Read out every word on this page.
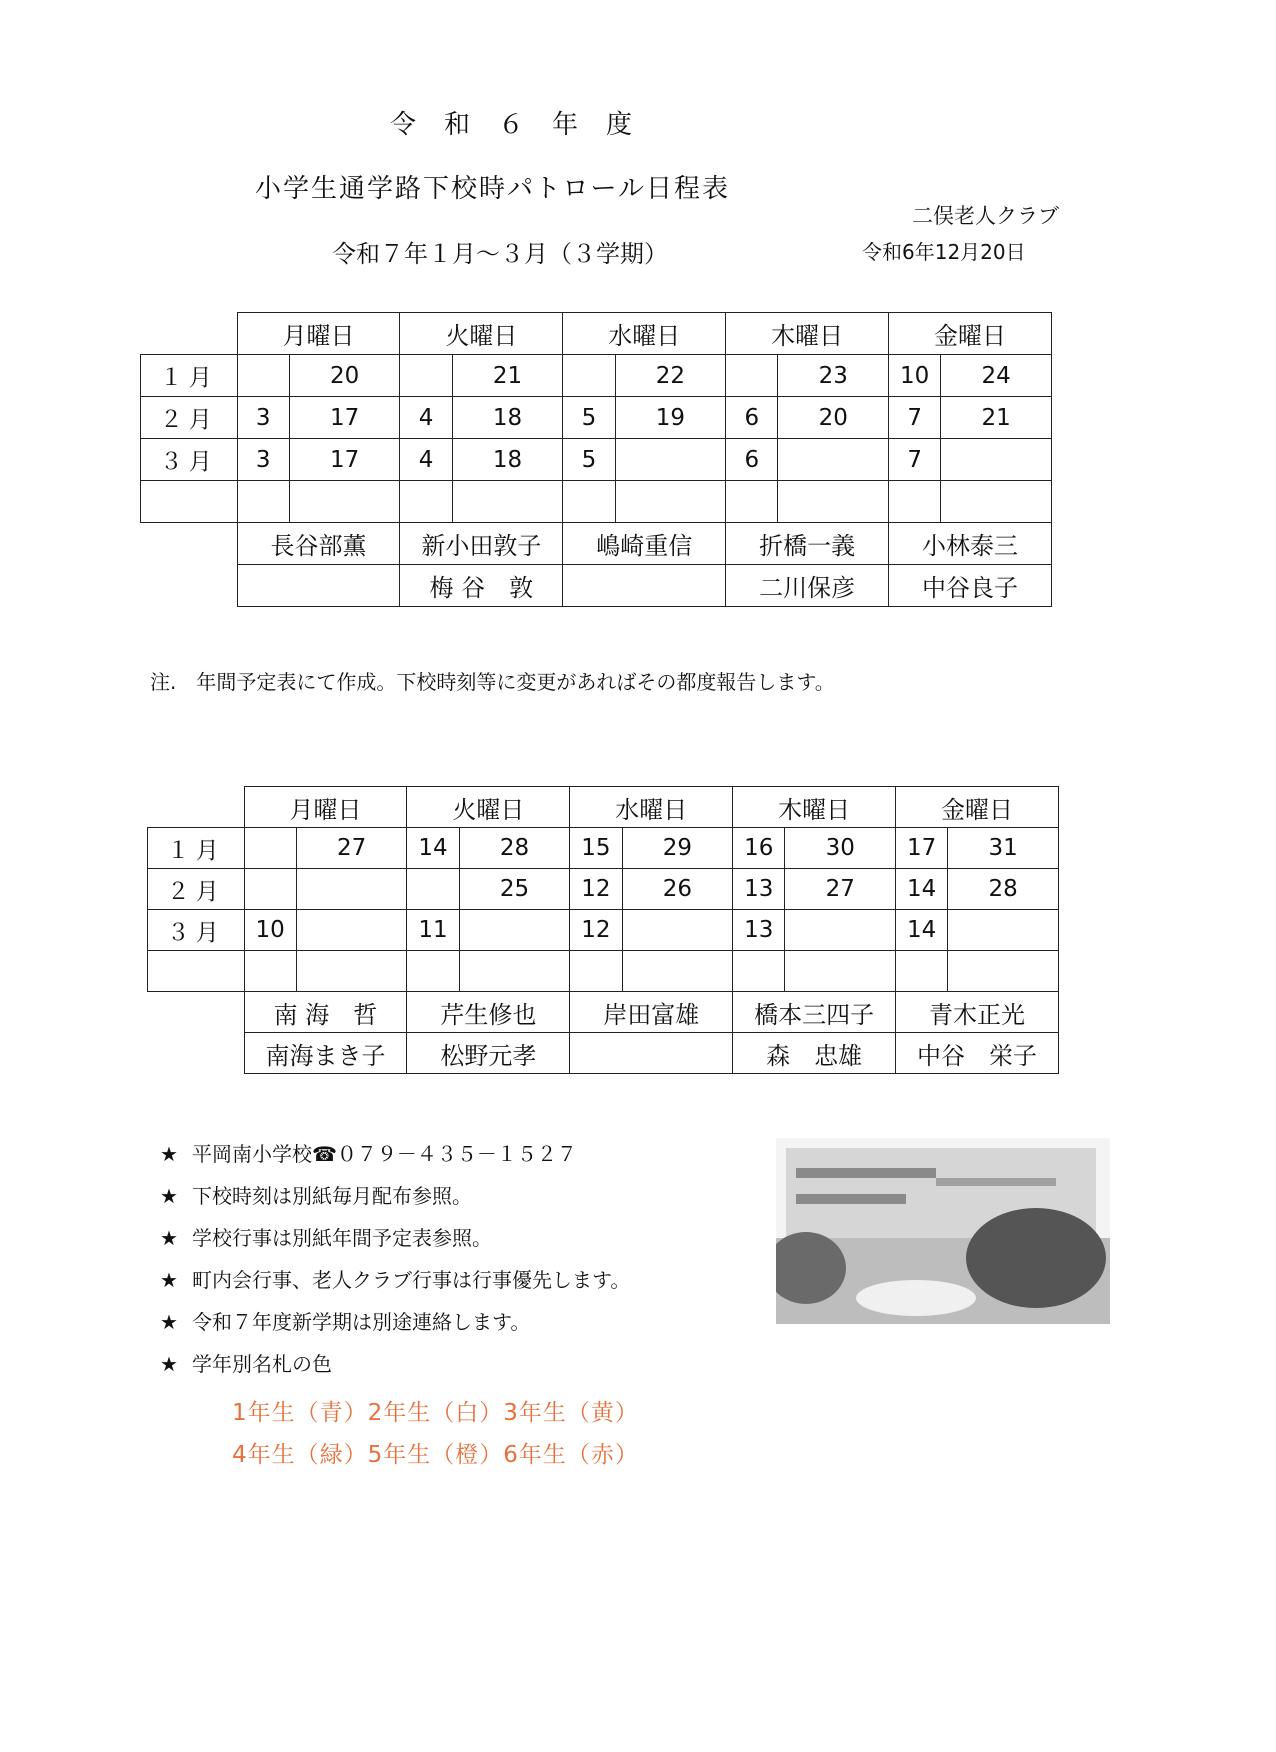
令和６年度
小学生通学路下校時パトロール日程表
令和７年１月～３月（３学期）
二俣老人クラブ
令和6年12月20日
	月曜日		火曜日		水曜日		木曜日		金曜日	
１月		20		21		22		23	10	24
２月	3	17	4	18	5	19	6	20	7	21
３月	3	17	4	18	5		6		7	

	長谷部薫		新小田敦子		嶋崎重信		折橋一義		小林泰三	
			梅 谷　敦				二川保彦		中谷良子	
注.　年間予定表にて作成。下校時刻等に変更があればその都度報告します。
	月曜日		火曜日		水曜日		木曜日		金曜日	
１月		27	14	28	15	29	16	30	17	31
２月				25	12	26	13	27	14	28
３月	10		11		12		13		14	

	南 海　哲		芹生修也		岸田富雄		橋本三四子		青木正光	
	南海まき子		松野元孝				森　忠雄		中谷　栄子	
★ 平岡南小学校☎０７９－４３５－１５２７
★ 下校時刻は別紙毎月配布参照。
★ 学校行事は別紙年間予定表参照。
★ 町内会行事、老人クラブ行事は行事優先します。
★ 令和７年度新学期は別途連絡します。
★ 学年別名札の色
1年生（青）2年生（白）3年生（黄）
4年生（緑）5年生（橙）6年生（赤）
